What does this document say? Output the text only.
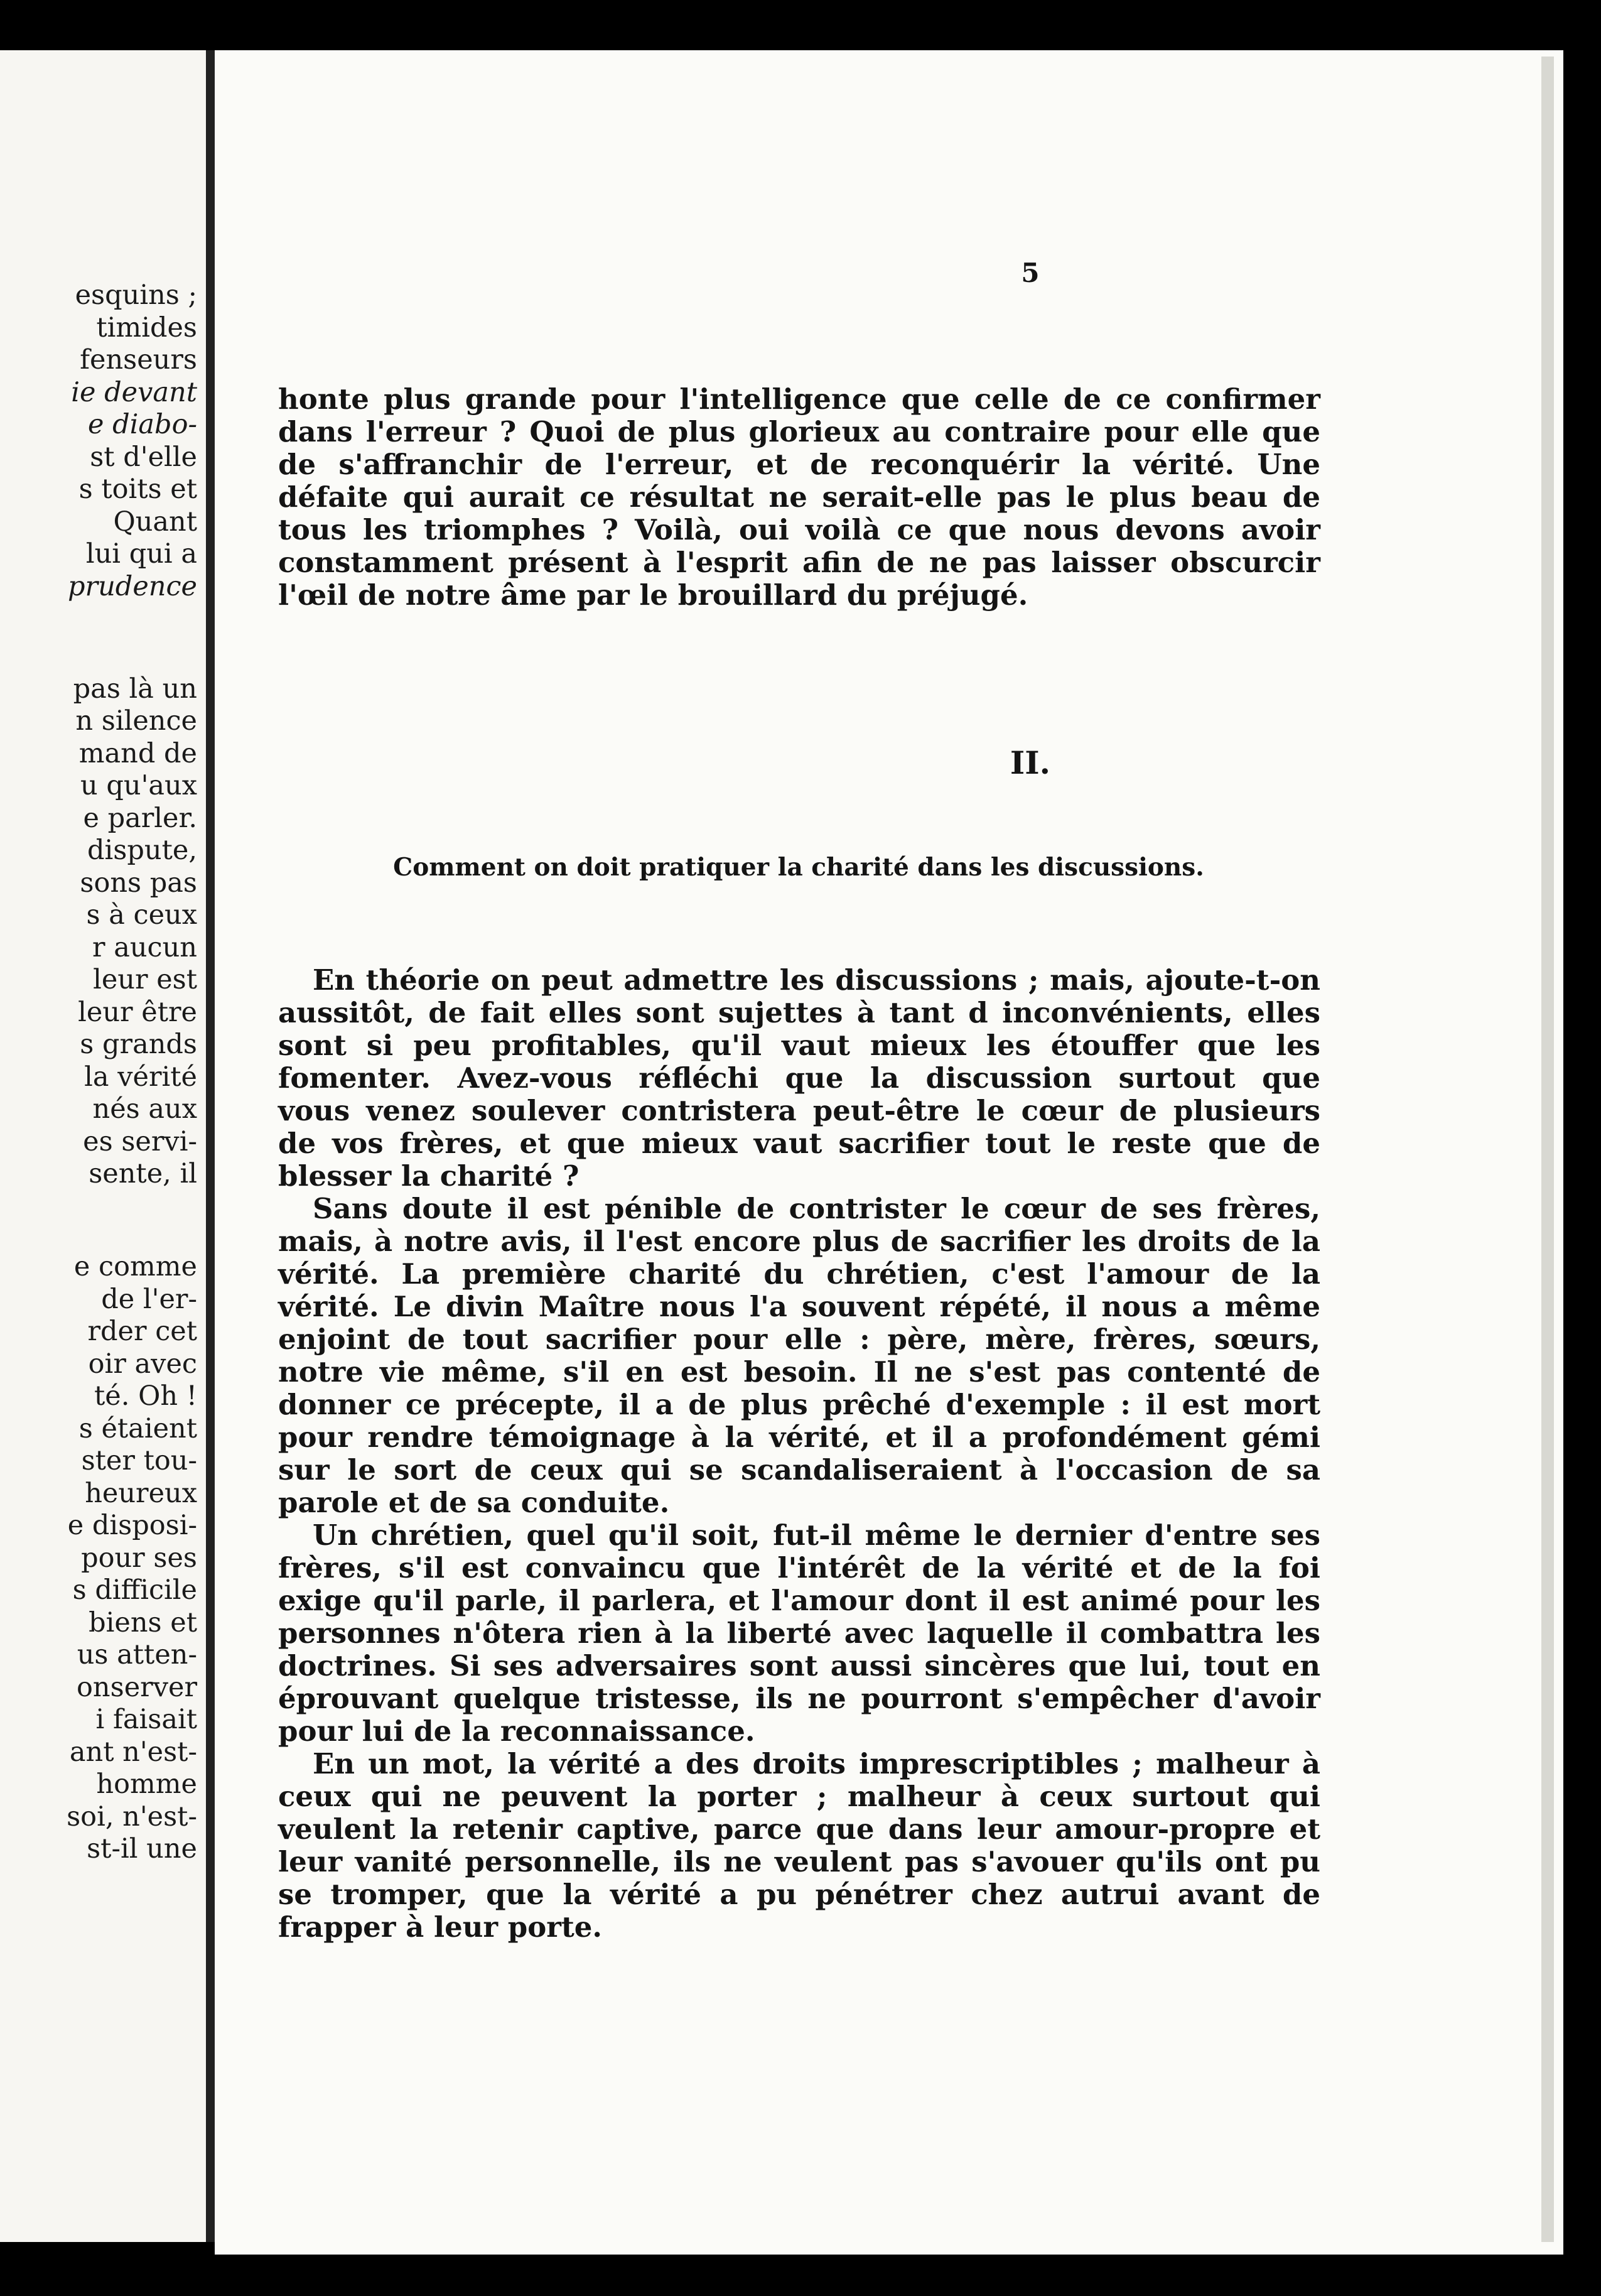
esquins ;
timides
fenseurs
ie devant
e diabo-
st d'elle
s toits et
Quant
lui qui a
prudence
pas là un
n silence
mand de
u qu'aux
e parler.
dispute,
sons pas
s à ceux
r aucun
leur est
leur être
s grands
la vérité
nés aux
es servi-
sente, il
e comme
de l'er-
rder cet
oir avec
té. Oh !
s étaient
ster tou-
heureux
e disposi-
pour ses
s difficile
biens et
us atten-
onserver
i faisait
ant n'est-
homme
soi, n'est-
st-il une
5
honte plus grande pour l'intelligence que celle de ce confirmer
dans l'erreur ? Quoi de plus glorieux au contraire pour elle que
de s'affranchir de l'erreur, et de reconquérir la vérité. Une
défaite qui aurait ce résultat ne serait-elle pas le plus beau de
tous les triomphes ? Voilà, oui voilà ce que nous devons avoir
constamment présent à l'esprit afin de ne pas laisser obscurcir
l'œil de notre âme par le brouillard du préjugé.
II.
Comment on doit pratiquer la charité dans les discussions.
En théorie on peut admettre les discussions ; mais, ajoute-t-on
aussitôt, de fait elles sont sujettes à tant d inconvénients, elles
sont si peu profitables, qu'il vaut mieux les étouffer que les
fomenter. Avez-vous réfléchi que la discussion surtout que
vous venez soulever contristera peut-être le cœur de plusieurs
de vos frères, et que mieux vaut sacrifier tout le reste que de
blesser la charité ?
Sans doute il est pénible de contrister le cœur de ses frères,
mais, à notre avis, il l'est encore plus de sacrifier les droits de la
vérité. La première charité du chrétien, c'est l'amour de la
vérité. Le divin Maître nous l'a souvent répété, il nous a même
enjoint de tout sacrifier pour elle : père, mère, frères, sœurs,
notre vie même, s'il en est besoin. Il ne s'est pas contenté de
donner ce précepte, il a de plus prêché d'exemple : il est mort
pour rendre témoignage à la vérité, et il a profondément gémi
sur le sort de ceux qui se scandaliseraient à l'occasion de sa
parole et de sa conduite.
Un chrétien, quel qu'il soit, fut-il même le dernier d'entre ses
frères, s'il est convaincu que l'intérêt de la vérité et de la foi
exige qu'il parle, il parlera, et l'amour dont il est animé pour les
personnes n'ôtera rien à la liberté avec laquelle il combattra les
doctrines. Si ses adversaires sont aussi sincères que lui, tout en
éprouvant quelque tristesse, ils ne pourront s'empêcher d'avoir
pour lui de la reconnaissance.
En un mot, la vérité a des droits imprescriptibles ; malheur à
ceux qui ne peuvent la porter ; malheur à ceux surtout qui
veulent la retenir captive, parce que dans leur amour-propre et
leur vanité personnelle, ils ne veulent pas s'avouer qu'ils ont pu
se tromper, que la vérité a pu pénétrer chez autrui avant de
frapper à leur porte.
